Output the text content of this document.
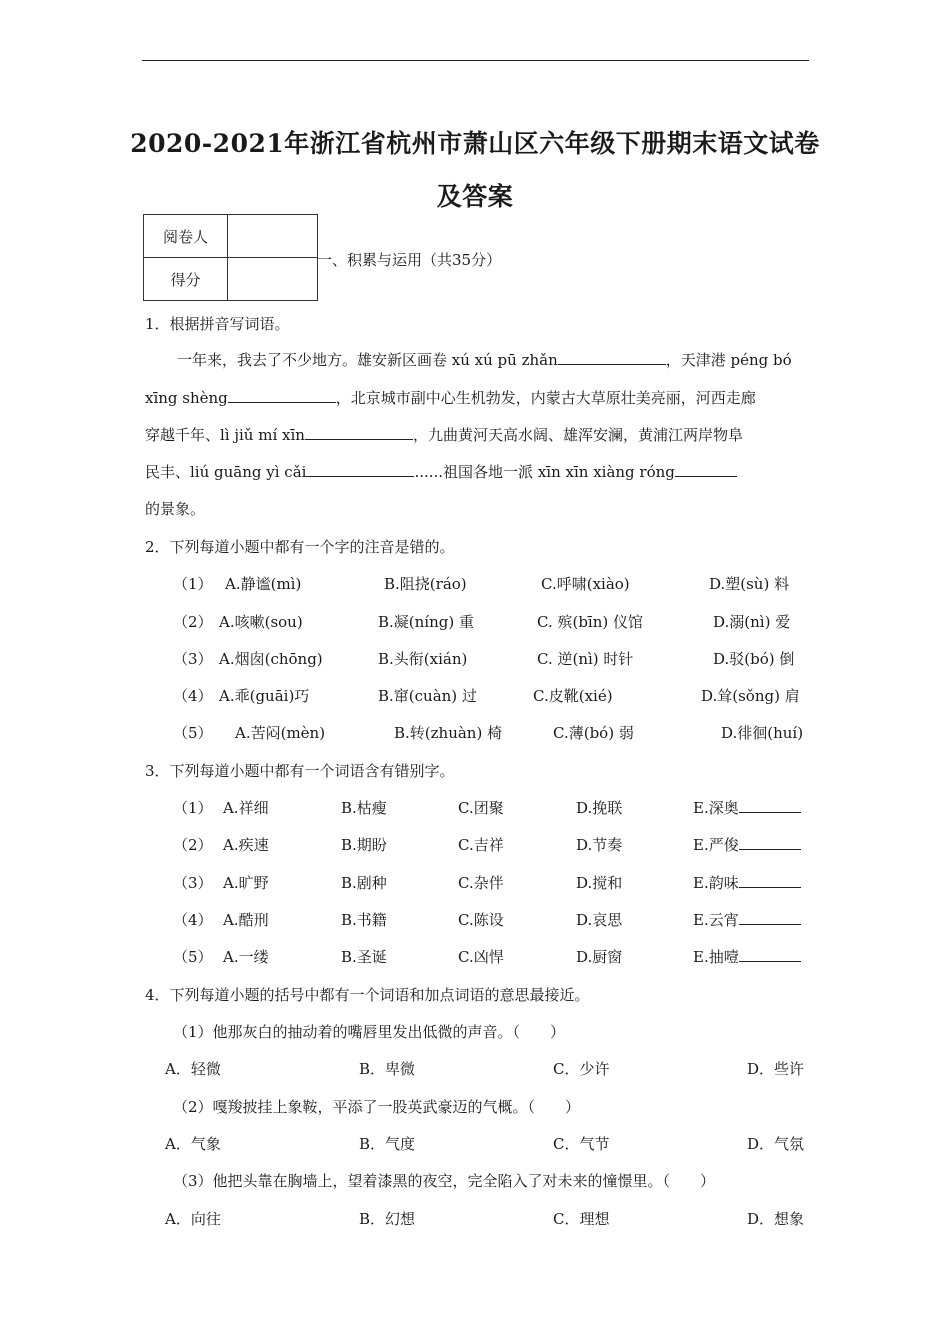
2020-2021年浙江省杭州市萧山区六年级下册期末语文试卷
及答案
阅卷人	
得分	
一、积累与运用（共35分）
1．根据拼音写词语。
一年来，我去了不少地方。雄安新区画卷 xú xú pū zhǎn	，天津港 péng bó
xīng shèng	，北京城市副中心生机勃发，内蒙古大草原壮美亮丽，河西走廊
穿越千年、lì jiǔ mí xīn	，九曲黄河天高水阔、雄浑安澜，黄浦江两岸物阜
民丰、liú guāng yì cǎi	......祖国各地一派 xīn xīn xiàng róng
的景象。
2．下列每道小题中都有一个字的注音是错的。
（1） A.静谧(mì)	B.阻挠(ráo)	C.呼啸(xiào)	D.塑(sù) 料
（2） A.咳嗽(sou)	B.凝(níng) 重	C. 殡(bīn) 仪馆	D.溺(nì) 爱
（3） A.烟囱(chōng)	B.头衔(xián)	C. 逆(nì) 时针	D.驳(bó) 倒
（4） A.乖(guāi)巧	B.窜(cuàn) 过	C.皮靴(xié)	D.耸(sǒng) 肩
（5） A.苦闷(mèn)	B.转(zhuàn) 椅	C.薄(bó) 弱	D.徘徊(huí)
3．下列每道小题中都有一个词语含有错别字。
（1） A.祥细	B.枯瘦	C.团聚	D.挽联	E.深奥
（2） A.疾速	B.期盼	C.吉祥	D.节奏	E.严俊
（3） A.旷野	B.剧种	C.杂伴	D.搅和	E.韵味
（4） A.酷刑	B.书籍	C.陈设	D.哀思	E.云宵
（5） A.一缕	B.圣诞	C.凶悍	D.厨窗	E.抽噎
4．下列每道小题的括号中都有一个词语和加点词语的意思最接近。
（1）他那灰白的抽动着的嘴唇里发出低微的声音。（　　）
A．轻微	B．卑微	C．少许	D．些许
（2）嘎羧披挂上象鞍，平添了一股英武豪迈的气概。（　　）
A．气象	B．气度	C．气节	D．气氛
（3）他把头靠在胸墙上，望着漆黑的夜空，完全陷入了对未来的憧憬里。（　　）
A．向往	B．幻想	C．理想	D．想象
